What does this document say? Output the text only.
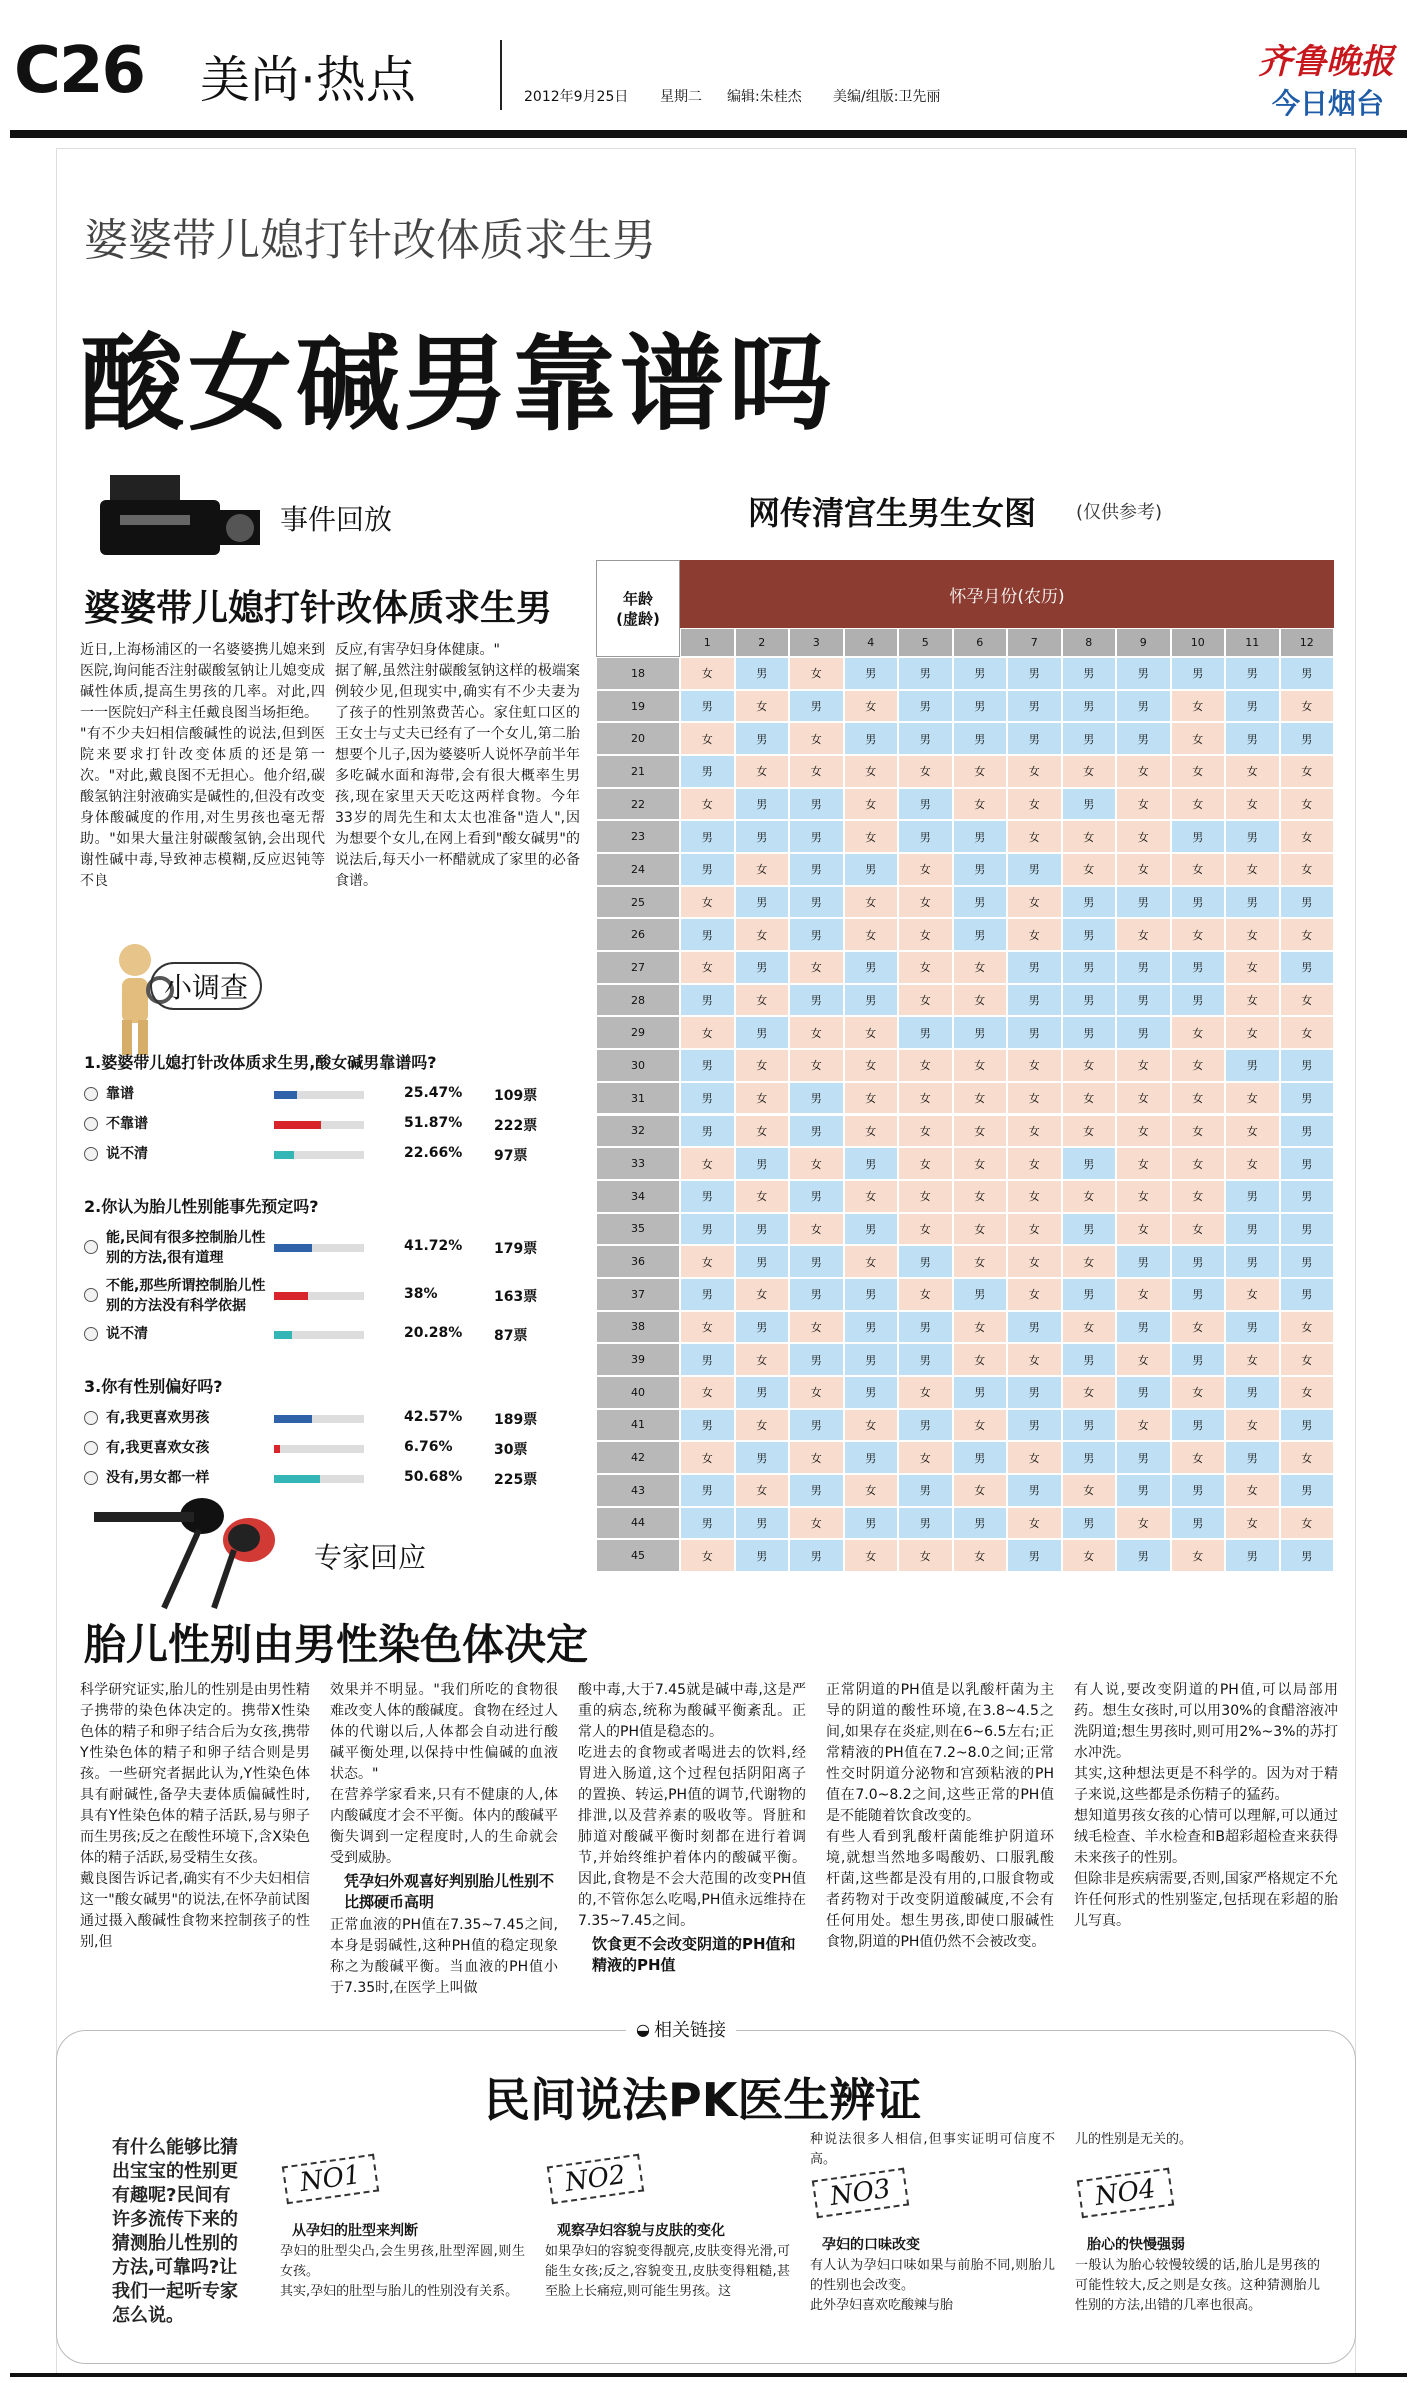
C26 美尚·热点	2012年9月25日 星期二 编辑:朱桂杰 美编/组版:卫先丽
齐鲁晚报
今日烟台
婆婆带儿媳打针改体质求生男
酸女碱男靠谱吗
事件回放
婆婆带儿媳打针改体质求生男
近日,上海杨浦区的一名婆婆携儿媳来到医院,询问能否注射碳酸氢钠让儿媳变成碱性体质,提高生男孩的几率。对此,四一一医院妇产科主任戴良图当场拒绝。
"有不少夫妇相信酸碱性的说法,但到医院来要求打针改变体质的还是第一次。"对此,戴良图不无担心。他介绍,碳酸氢钠注射液确实是碱性的,但没有改变身体酸碱度的作用,对生男孩也毫无帮助。"如果大量注射碳酸氢钠,会出现代谢性碱中毒,导致神志模糊,反应迟钝等不良
反应,有害孕妇身体健康。"
据了解,虽然注射碳酸氢钠这样的极端案例较少见,但现实中,确实有不少夫妻为了孩子的性别煞费苦心。家住虹口区的王女士与丈夫已经有了一个女儿,第二胎想要个儿子,因为婆婆听人说怀孕前半年多吃碱水面和海带,会有很大概率生男孩,现在家里天天吃这两样食物。今年33岁的周先生和太太也准备"造人",因为想要个女儿,在网上看到"酸女碱男"的说法后,每天小一杯醋就成了家里的必备食谱。
小调查
1.婆婆带儿媳打针改体质求生男,酸女碱男靠谱吗?
靠谱	25.47% 109票
不靠谱	51.87% 222票
说不清	22.66% 97票
2.你认为胎儿性别能事先预定吗?
能,民间有很多控制胎儿性别的方法,很有道理
41.72% 179票
不能,那些所谓控制胎儿性别的方法没有科学依据
38%	163票
说不清	20.28% 87票
3.你有性别偏好吗?
有,我更喜欢男孩	42.57% 189票
有,我更喜欢女孩	6.76%	30票
没有,男女都一样	50.68% 225票
网传清宫生男生女图 (仅供参考)
年龄(虚龄)
怀孕月份(农历)
1	2	3	4	5	6	7	8	9	10	11	12
18	女	男	女	男	男	男	男	男	男	男	男	男
19	男	女	男	女	男	男	男	男	男	女	男	女
20	女	男	女	男	男	男	男	男	男	女	男	男
21	男	女	女	女	女	女	女	女	女	女	女	女
22	女	男	男	女	男	女	女	男	女	女	女	女
23	男	男	男	女	男	男	女	女	女	男	男	女
24	男	女	男	男	女	男	男	女	女	女	女	女
25	女	男	男	女	女	男	女	男	男	男	男	男
26	男	女	男	女	女	男	女	男	女	女	女	女
27	女	男	女	男	女	女	男	男	男	男	女	男
28	男	女	男	男	女	女	男	男	男	男	女	女
29	女	男	女	女	男	男	男	男	男	女	女	女
30	男	女	女	女	女	女	女	女	女	女	男	男
31	男	女	男	女	女	女	女	女	女	女	女	男
32	男	女	男	女	女	女	女	女	女	女	女	男
33	女	男	女	男	女	女	女	男	女	女	女	男
34	男	女	男	女	女	女	女	女	女	女	男	男
35	男	男	女	男	女	女	女	男	女	女	男	男
36	女	男	男	女	男	女	女	女	男	男	男	男
37	男	女	男	男	女	男	女	男	女	男	女	男
38	女	男	女	男	男	女	男	女	男	女	男	女
39	男	女	男	男	男	女	女	男	女	男	女	女
40	女	男	女	男	女	男	男	女	男	女	男	女
41	男	女	男	女	男	女	男	男	女	男	女	男
42	女	男	女	男	女	男	女	男	男	女	男	女
43	男	女	男	女	男	女	男	女	男	男	女	男
44	男	男	女	男	男	男	女	男	女	男	女	女
45	女	男	男	女	女	女	男	女	男	女	男	男
专家回应
胎儿性别由男性染色体决定
科学研究证实,胎儿的性别是由男性精子携带的染色体决定的。携带X性染色体的精子和卵子结合后为女孩,携带Y性染色体的精子和卵子结合则是男孩。一些研究者据此认为,Y性染色体具有耐碱性,备孕夫妻体质偏碱性时,具有Y性染色体的精子活跃,易与卵子而生男孩;反之在酸性环境下,含X染色体的精子活跃,易受精生女孩。
戴良图告诉记者,确实有不少夫妇相信这一"酸女碱男"的说法,在怀孕前试图通过摄入酸碱性食物来控制孩子的性别,但
效果并不明显。"我们所吃的食物很难改变人体的酸碱度。食物在经过人体的代谢以后,人体都会自动进行酸碱平衡处理,以保持中性偏碱的血液状态。"
在营养学家看来,只有不健康的人,体内酸碱度才会不平衡。体内的酸碱平衡失调到一定程度时,人的生命就会受到威胁。
凭孕妇外观喜好判别胎儿性别不比掷硬币高明
正常血液的PH值在7.35~7.45之间,本身是弱碱性,这种PH值的稳定现象称之为酸碱平衡。当血液的PH值小于7.35时,在医学上叫做
酸中毒,大于7.45就是碱中毒,这是严重的病态,统称为酸碱平衡紊乱。正常人的PH值是稳态的。
吃进去的食物或者喝进去的饮料,经胃进入肠道,这个过程包括阴阳离子的置换、转运,PH值的调节,代谢物的排泄,以及营养素的吸收等。肾脏和肺道对酸碱平衡时刻都在进行着调节,并始终维护着体内的酸碱平衡。因此,食物是不会大范围的改变PH值的,不管你怎么吃喝,PH值永远维持在7.35~7.45之间。
饮食更不会改变阴道的PH值和精液的PH值
正常阴道的PH值是以乳酸杆菌为主导的阴道的酸性环境,在3.8~4.5之间,如果存在炎症,则在6~6.5左右;正常精液的PH值在7.2~8.0之间;正常性交时阴道分泌物和宫颈粘液的PH值在7.0~8.2之间,这些正常的PH值是不能随着饮食改变的。
有些人看到乳酸杆菌能维护阴道环境,就想当然地多喝酸奶、口服乳酸杆菌,这些都是没有用的,口服食物或者药物对于改变阴道酸碱度,不会有任何用处。想生男孩,即使口服碱性食物,阴道的PH值仍然不会被改变。
有人说,要改变阴道的PH值,可以局部用药。想生女孩时,可以用30%的食醋溶液冲洗阴道;想生男孩时,则可用2%~3%的苏打水冲洗。
其实,这种想法更是不科学的。因为对于精子来说,这些都是杀伤精子的猛药。
想知道男孩女孩的心情可以理解,可以通过绒毛检查、羊水检查和B超彩超检查来获得未来孩子的性别。
但除非是疾病需要,否则,国家严格规定不允许任何形式的性别鉴定,包括现在彩超的胎儿写真。
◒ 相关链接
民间说法PK医生辨证
有什么能够比猜出宝宝的性别更有趣呢?民间有许多流传下来的猜测胎儿性别的方法,可靠吗?让我们一起听专家怎么说。
NO1
从孕妇的肚型来判断
孕妇的肚型尖凸,会生男孩,肚型浑圆,则生女孩。
其实,孕妇的肚型与胎儿的性别没有关系。
NO2
观察孕妇容貌与皮肤的变化
如果孕妇的容貌变得靓亮,皮肤变得光滑,可能生女孩;反之,容貌变丑,皮肤变得粗糙,甚至脸上长痛痘,则可能生男孩。这
种说法很多人相信,但事实证明可信度不高。
NO3
孕妇的口味改变
有人认为孕妇口味如果与前胎不同,则胎儿的性别也会改变。
此外孕妇喜欢吃酸辣与胎
儿的性别是无关的。
NO4
胎心的快慢强弱
一般认为胎心较慢较缓的话,胎儿是男孩的可能性较大,反之则是女孩。这种猜测胎儿性别的方法,出错的几率也很高。
